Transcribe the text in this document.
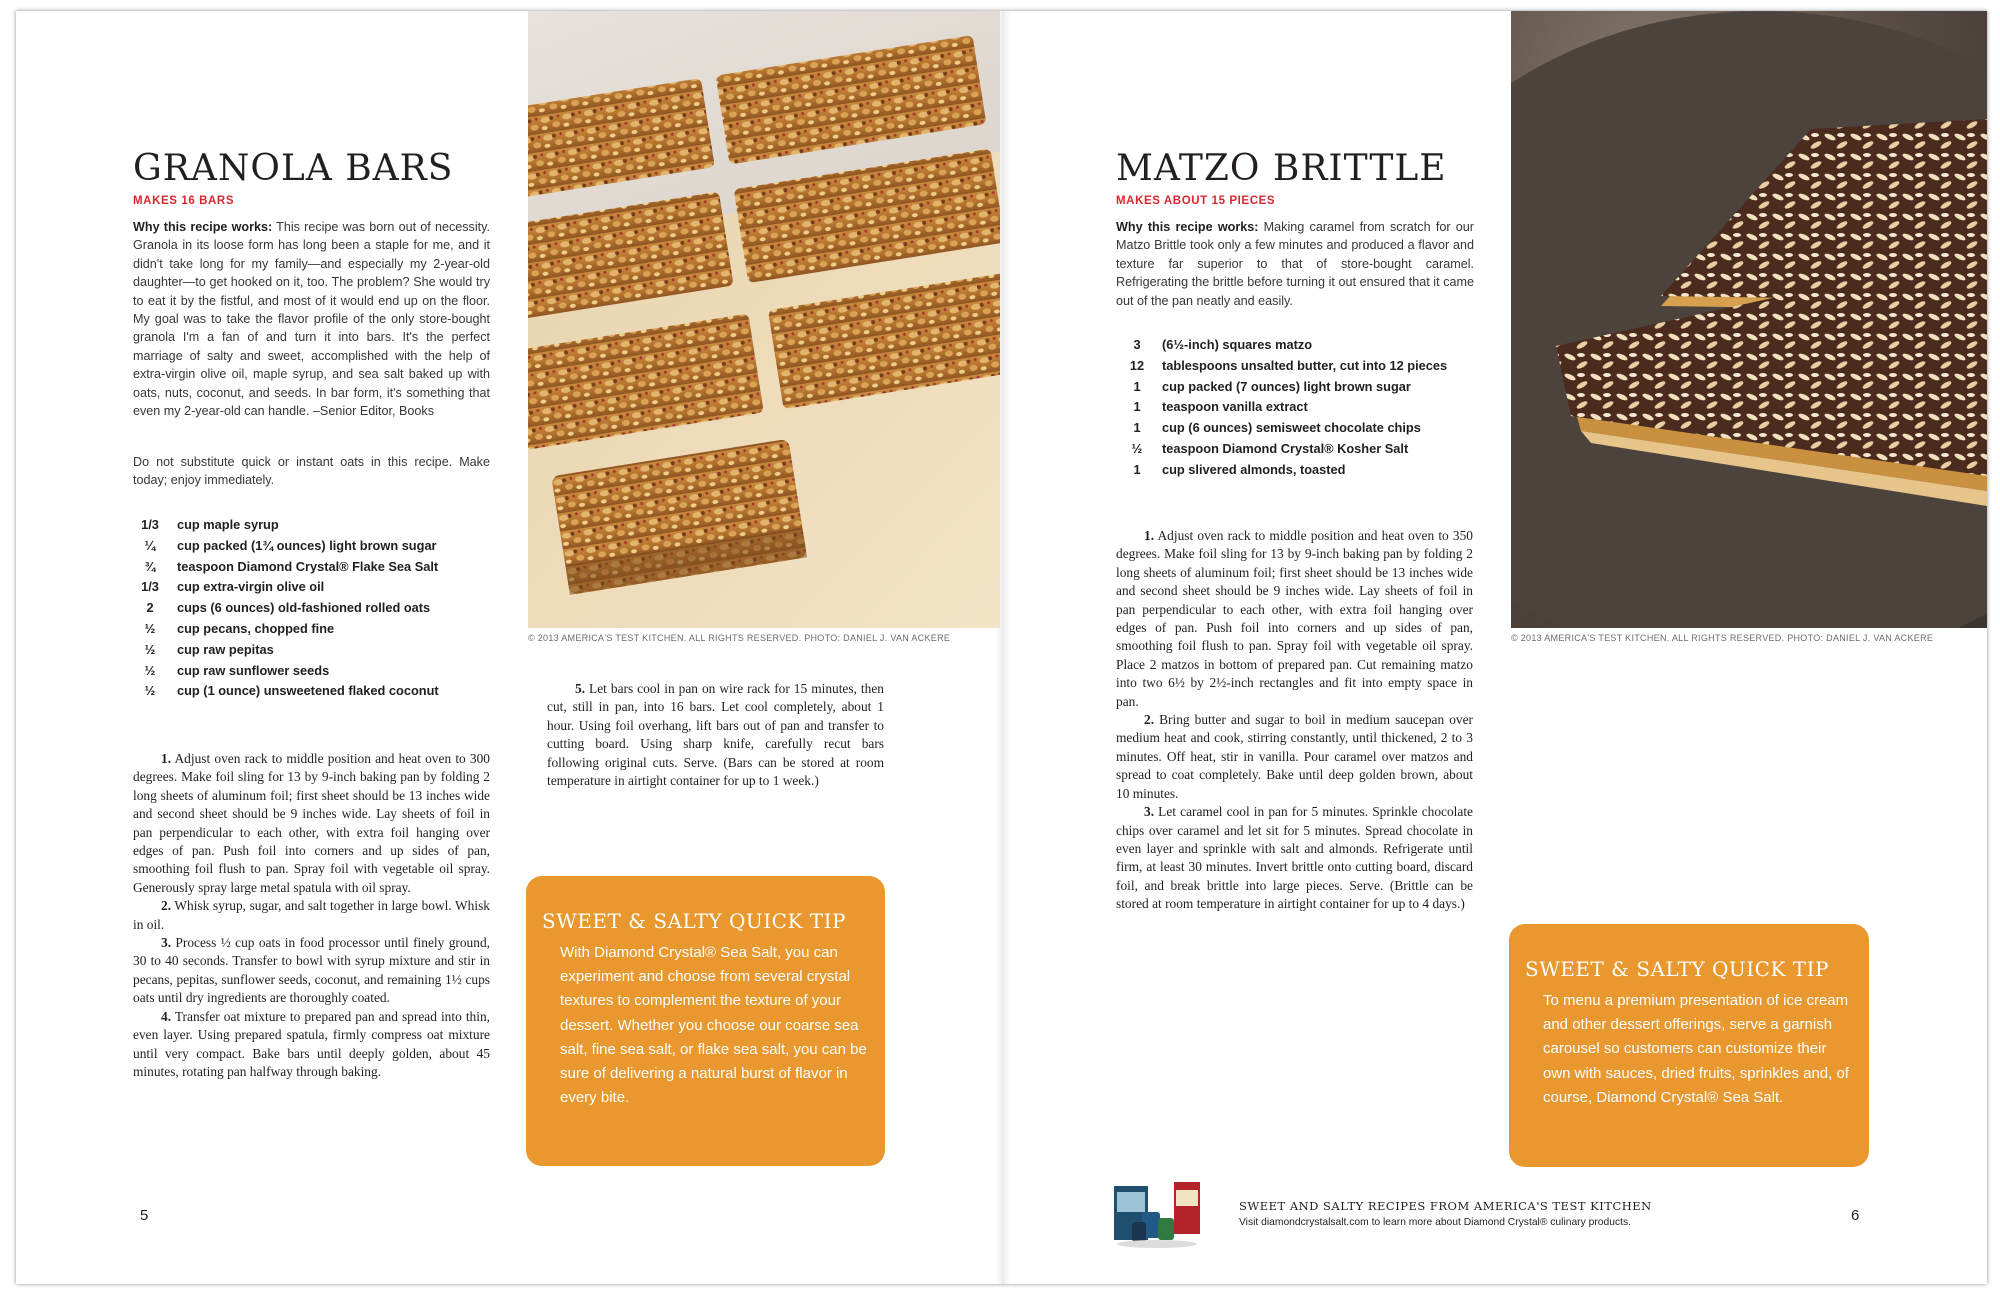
GRANOLA BARS
MAKES 16 BARS
Why this recipe works: This recipe was born out of necessity. Granola in its loose form has long been a staple for me, and it didn't take long for my family—and especially my 2-year-old daughter—to get hooked on it, too. The problem? She would try to eat it by the fistful, and most of it would end up on the floor. My goal was to take the flavor profile of the only store-bought granola I'm a fan of and turn it into bars. It's the perfect marriage of salty and sweet, accomplished with the help of extra-virgin olive oil, maple syrup, and sea salt baked up with oats, nuts, coconut, and seeds. In bar form, it's something that even my 2-year-old can handle. –Senior Editor, Books
Do not substitute quick or instant oats in this recipe. Make today; enjoy immediately.
1/3	cup maple syrup
¼	cup packed (1¾ ounces) light brown sugar
¾	teaspoon Diamond Crystal® Flake Sea Salt
1/3	cup extra-virgin olive oil
2	cups (6 ounces) old-fashioned rolled oats
½	cup pecans, chopped fine
½	cup raw pepitas
½	cup raw sunflower seeds
½	cup (1 ounce) unsweetened flaked coconut

1. Adjust oven rack to middle position and heat oven to 300 degrees. Make foil sling for 13 by 9-inch baking pan by folding 2 long sheets of aluminum foil; first sheet should be 13 inches wide and second sheet should be 9 inches wide. Lay sheets of foil in pan perpendicular to each other, with extra foil hanging over edges of pan. Push foil into corners and up sides of pan, smoothing foil flush to pan. Spray foil with vegetable oil spray. Generously spray large metal spatula with oil spray.

2. Whisk syrup, sugar, and salt together in large bowl. Whisk in oil.

3. Process ½ cup oats in food processor until finely ground, 30 to 40 seconds. Transfer to bowl with syrup mixture and stir in pecans, pepitas, sunflower seeds, coconut, and remaining 1½ cups oats until dry ingredients are thoroughly coated.

4. Transfer oat mixture to prepared pan and spread into thin, even layer. Using prepared spatula, firmly compress oat mixture until very compact. Bake bars until deeply golden, about 45 minutes, rotating pan halfway through baking.

5. Let bars cool in pan on wire rack for 15 minutes, then cut, still in pan, into 16 bars. Let cool completely, about 1 hour. Using foil overhang, lift bars out of pan and transfer to cutting board. Using sharp knife, carefully recut bars following original cuts. Serve. (Bars can be stored at room temperature in airtight container for up to 1 week.)

© 2013 AMERICA'S TEST KITCHEN. ALL RIGHTS RESERVED. PHOTO: DANIEL J. VAN ACKERE
SWEET & SALTY QUICK TIP
With Diamond Crystal® Sea Salt, you can experiment and choose from several crystal textures to complement the texture of your dessert. Whether you choose our coarse sea salt, fine sea salt, or flake sea salt, you can be sure of delivering a natural burst of flavor in every bite.
5
MATZO BRITTLE
MAKES ABOUT 15 PIECES
Why this recipe works: Making caramel from scratch for our Matzo Brittle took only a few minutes and produced a flavor and texture far superior to that of store-bought caramel. Refrigerating the brittle before turning it out ensured that it came out of the pan neatly and easily.
3	(6½-inch) squares matzo
12	tablespoons unsalted butter, cut into 12 pieces
1	cup packed (7 ounces) light brown sugar
1	teaspoon vanilla extract
1	cup (6 ounces) semisweet chocolate chips
½	teaspoon Diamond Crystal® Kosher Salt
1	cup slivered almonds, toasted

1. Adjust oven rack to middle position and heat oven to 350 degrees. Make foil sling for 13 by 9-inch baking pan by folding 2 long sheets of aluminum foil; first sheet should be 13 inches wide and second sheet should be 9 inches wide. Lay sheets of foil in pan perpendicular to each other, with extra foil hanging over edges of pan. Push foil into corners and up sides of pan, smoothing foil flush to pan. Spray foil with vegetable oil spray. Place 2 matzos in bottom of prepared pan. Cut remaining matzo into two 6½ by 2½-inch rectangles and fit into empty space in pan.

2. Bring butter and sugar to boil in medium saucepan over medium heat and cook, stirring constantly, until thickened, 2 to 3 minutes. Off heat, stir in vanilla. Pour caramel over matzos and spread to coat completely. Bake until deep golden brown, about 10 minutes.

3. Let caramel cool in pan for 5 minutes. Sprinkle chocolate chips over caramel and let sit for 5 minutes. Spread chocolate in even layer and sprinkle with salt and almonds. Refrigerate until firm, at least 30 minutes. Invert brittle onto cutting board, discard foil, and break brittle into large pieces. Serve. (Brittle can be stored at room temperature in airtight container for up to 4 days.)

© 2013 AMERICA'S TEST KITCHEN. ALL RIGHTS RESERVED. PHOTO: DANIEL J. VAN ACKERE
SWEET & SALTY QUICK TIP
To menu a premium presentation of ice cream and other dessert offerings, serve a garnish carousel so customers can customize their own with sauces, dried fruits, sprinkles and, of course, Diamond Crystal® Sea Salt.
SWEET AND SALTY RECIPES FROM AMERICA'S TEST KITCHEN
Visit diamondcrystalsalt.com to learn more about Diamond Crystal® culinary products.	6
